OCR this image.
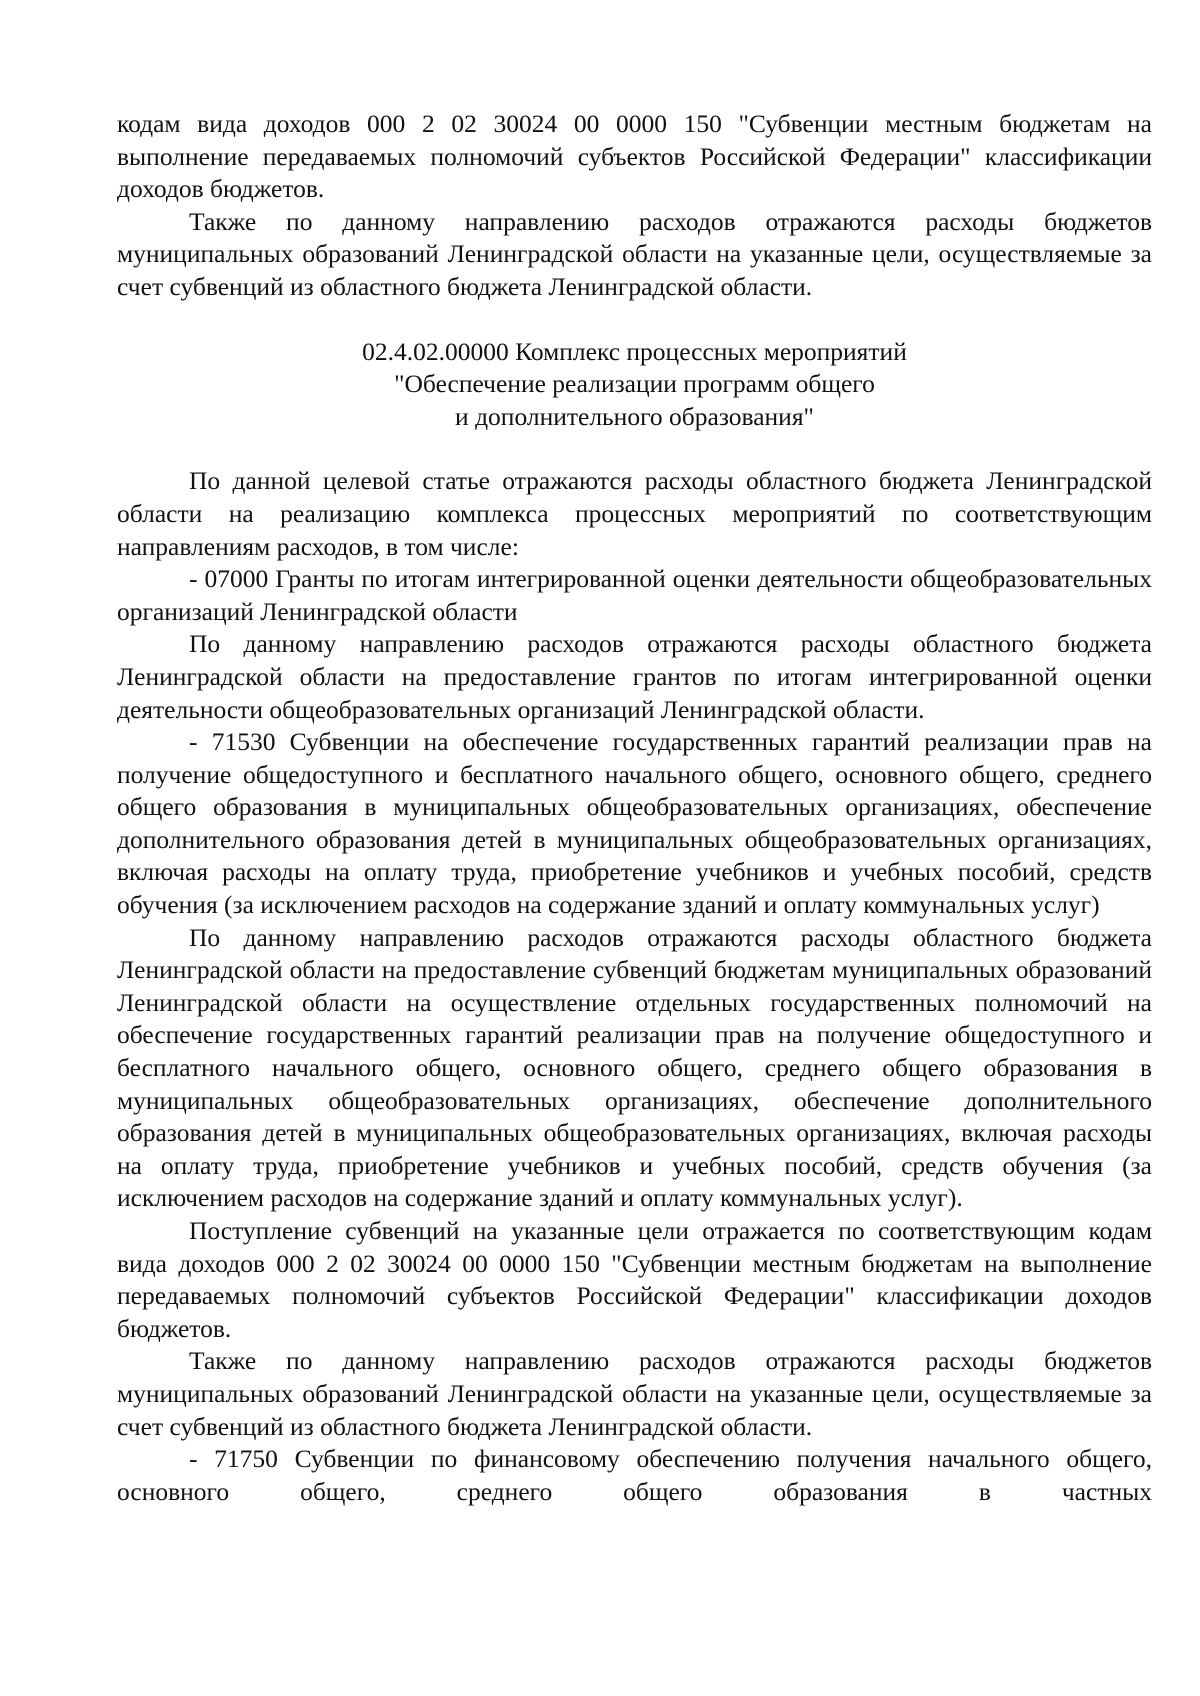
кодам вида доходов 000 2 02 30024 00 0000 150 "Субвенции местным бюджетам на выполнение передаваемых полномочий субъектов Российской Федерации" классификации доходов бюджетов.

Также по данному направлению расходов отражаются расходы бюджетов муниципальных образований Ленинградской области на указанные цели, осуществляемые за счет субвенций из областного бюджета Ленинградской области.

02.4.02.00000 Комплекс процессных мероприятий
"Обеспечение реализации программ общего
и дополнительного образования"

По данной целевой статье отражаются расходы областного бюджета Ленинградской области на реализацию комплекса процессных мероприятий по соответствующим направлениям расходов, в том числе:

- 07000 Гранты по итогам интегрированной оценки деятельности общеобразовательных организаций Ленинградской области

По данному направлению расходов отражаются расходы областного бюджета Ленинградской области на предоставление грантов по итогам интегрированной оценки деятельности общеобразовательных организаций Ленинградской области.

- 71530 Субвенции на обеспечение государственных гарантий реализации прав на получение общедоступного и бесплатного начального общего, основного общего, среднего общего образования в муниципальных общеобразовательных организациях, обеспечение дополнительного образования детей в муниципальных общеобразовательных организациях, включая расходы на оплату труда, приобретение учебников и учебных пособий, средств обучения (за исключением расходов на содержание зданий и оплату коммунальных услуг)

По данному направлению расходов отражаются расходы областного бюджета Ленинградской области на предоставление субвенций бюджетам муниципальных образований Ленинградской области на осуществление отдельных государственных полномочий на обеспечение государственных гарантий реализации прав на получение общедоступного и бесплатного начального общего, основного общего, среднего общего образования в муниципальных общеобразовательных организациях, обеспечение дополнительного образования детей в муниципальных общеобразовательных организациях, включая расходы на оплату труда, приобретение учебников и учебных пособий, средств обучения (за исключением расходов на содержание зданий и оплату коммунальных услуг).

Поступление субвенций на указанные цели отражается по соответствующим кодам вида доходов 000 2 02 30024 00 0000 150 "Субвенции местным бюджетам на выполнение передаваемых полномочий субъектов Российской Федерации" классификации доходов бюджетов.

Также по данному направлению расходов отражаются расходы бюджетов муниципальных образований Ленинградской области на указанные цели, осуществляемые за счет субвенций из областного бюджета Ленинградской области.

- 71750 Субвенции по финансовому обеспечению получения начального общего, основного общего, среднего общего образования в частных
